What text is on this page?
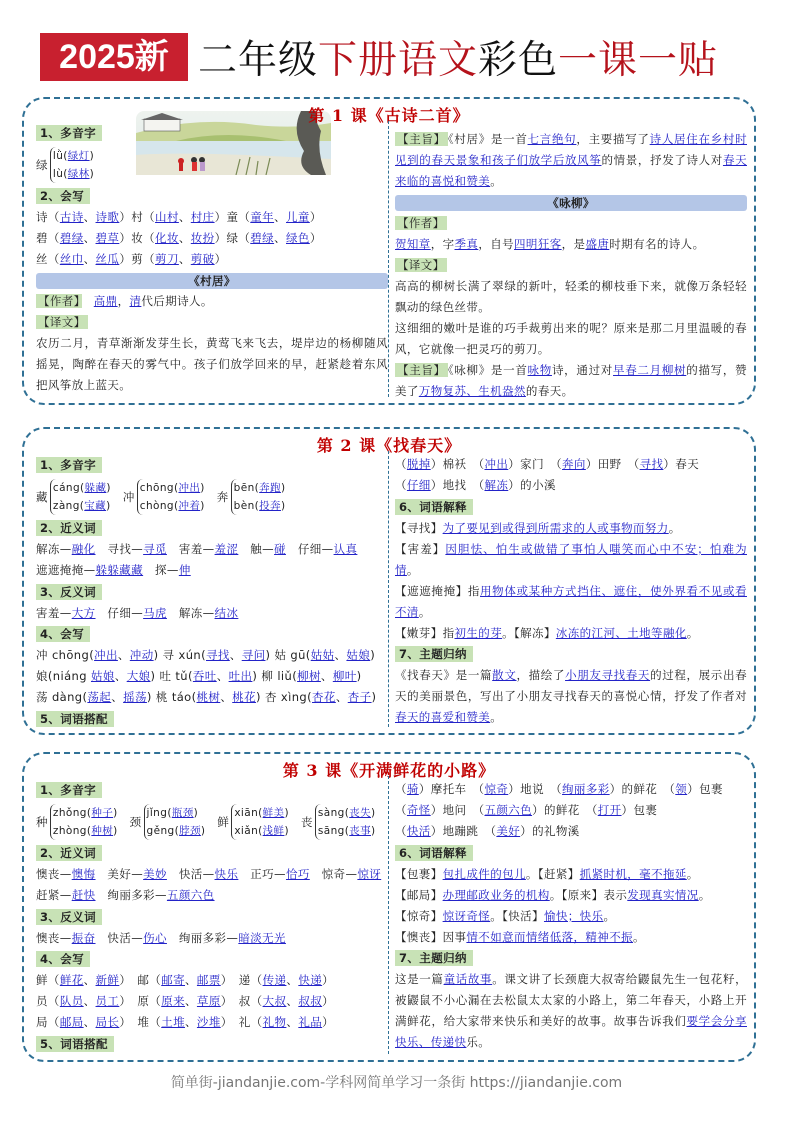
2025新 二年级下册语文彩色一课一贴
第 1 课《古诗二首》
1、多音字
绿
lǜ(绿灯)
lù(绿林)
2、会写
诗（古诗、诗歌）村（山村、村庄）童（童年、儿童）
碧（碧绿、碧草）妆（化妆、妆扮）绿（碧绿、绿色）
丝（丝巾、丝瓜）剪（剪刀、剪破）
《村居》
【作者】　 高鼎，清代后期诗人。
【译文】
农历二月，青草渐渐发芽生长，黄莺飞来飞去，堤岸边的杨柳随风摇晃，陶醉在春天的雾气中。孩子们放学回来的早，赶紧趁着东风把风筝放上蓝天。
【主旨】 《村居》是一首七言绝句，主要描写了诗人居住在乡村时见到的春天景象和孩子们放学后放风筝的情景，抒发了诗人对春天来临的喜悦和赞美。
《咏柳》
【作者】
贺知章，字季真，自号四明狂客，是盛唐时期有名的诗人。
【译文】
高高的柳树长满了翠绿的新叶，轻柔的柳枝垂下来，就像万条轻轻飘动的绿色丝带。
这细细的嫩叶是谁的巧手裁剪出来的呢？原来是那二月里温暖的春风，它就像一把灵巧的剪刀。
【主旨】 《咏柳》是一首咏物诗，通过对早春二月柳树的描写，赞美了万物复苏、生机盎然的春天。
第 2 课《找春天》
1、多音字
藏
cáng(躲藏)
zàng(宝藏)
冲
chōng(冲出)
chòng(冲着)
奔
bēn(奔跑)
bèn(投奔)
2、近义词
解冻—融化　寻找—寻觅　害羞—羞涩　触—碰　仔细—认真
遮遮掩掩—躲躲藏藏　探—伸
3、反义词
害羞—大方　仔细—马虎　解冻—结冰
4、会写
冲 chōng(冲出、冲动) 寻 xún(寻找、寻问) 姑 gū(姑姑、姑娘)
娘(niáng 姑娘、大娘) 吐 tǔ(吞吐、吐出) 柳 liǔ(柳树、柳叶)
荡 dàng(荡起、摇荡) 桃 táo(桃树、桃花) 杏 xìng(杏花、杏子)
5、词语搭配
（脱掉）棉袄　（冲出）家门　（奔向）田野　（寻找）春天
（仔细）地找　（解冻）的小溪
6、词语解释
【寻找】为了要见到或得到所需求的人或事物而努力。
【害羞】因胆怯、怕生或做错了事怕人嗤笑而心中不安；怕难为情。
【遮遮掩掩】指用物体或某种方式挡住、遮住，使外界看不见或看不清。
【嫩芽】指初生的芽。【解冻】冰冻的江河、土地等融化。
7、主题归纳
《找春天》是一篇散文，描绘了小朋友寻找春天的过程，展示出春天的美丽景色，写出了小朋友寻找春天的喜悦心情，抒发了作者对春天的喜爱和赞美。
第 3 课《开满鲜花的小路》
1、多音字
种
zhǒng(种子)
zhòng(种树)
颈
jǐng(瓶颈)
gěng(脖颈)
鲜
xiān(鲜美)
xiǎn(浅鲜)
丧
sàng(丧失)
sāng(丧事)
2、近义词
懊丧—懊悔　美好—美妙　快活—快乐　正巧—恰巧　惊奇—惊讶
赶紧—赶快　绚丽多彩—五颜六色
3、反义词
懊丧—振奋　快活—伤心　绚丽多彩—暗淡无光
4、会写
鲜（鲜花、新鲜）　邮（邮寄、邮票）　递（传递、快递）
员（队员、员工）　原（原来、草原）　叔（大叔、叔叔）
局（邮局、局长）　堆（土堆、沙堆）　礼（礼物、礼品）
5、词语搭配
（骑）摩托车　（惊奇）地说　（绚丽多彩）的鲜花　（领）包裹
（奇怪）地问　（五颜六色）的鲜花　（打开）包裹
（快活）地蹦跳　（美好）的礼物溪
6、词语解释
【包裹】包扎成件的包儿。【赶紧】抓紧时机，毫不拖延。
【邮局】办理邮政业务的机构。【原来】表示发现真实情况。
【惊奇】惊讶奇怪。【快活】愉快；快乐。
【懊丧】因事情不如意而情绪低落，精神不振。
7、主题归纳
这是一篇童话故事。课文讲了长颈鹿大叔寄给鼹鼠先生一包花籽，被鼹鼠不小心漏在去松鼠太太家的小路上，第二年春天，小路上开满鲜花，给大家带来快乐和美好的故事。故事告诉我们要学会分享快乐、传递快乐。
简单街-jiandanjie.com-学科网简单学习一条街 https://jiandanjie.com
